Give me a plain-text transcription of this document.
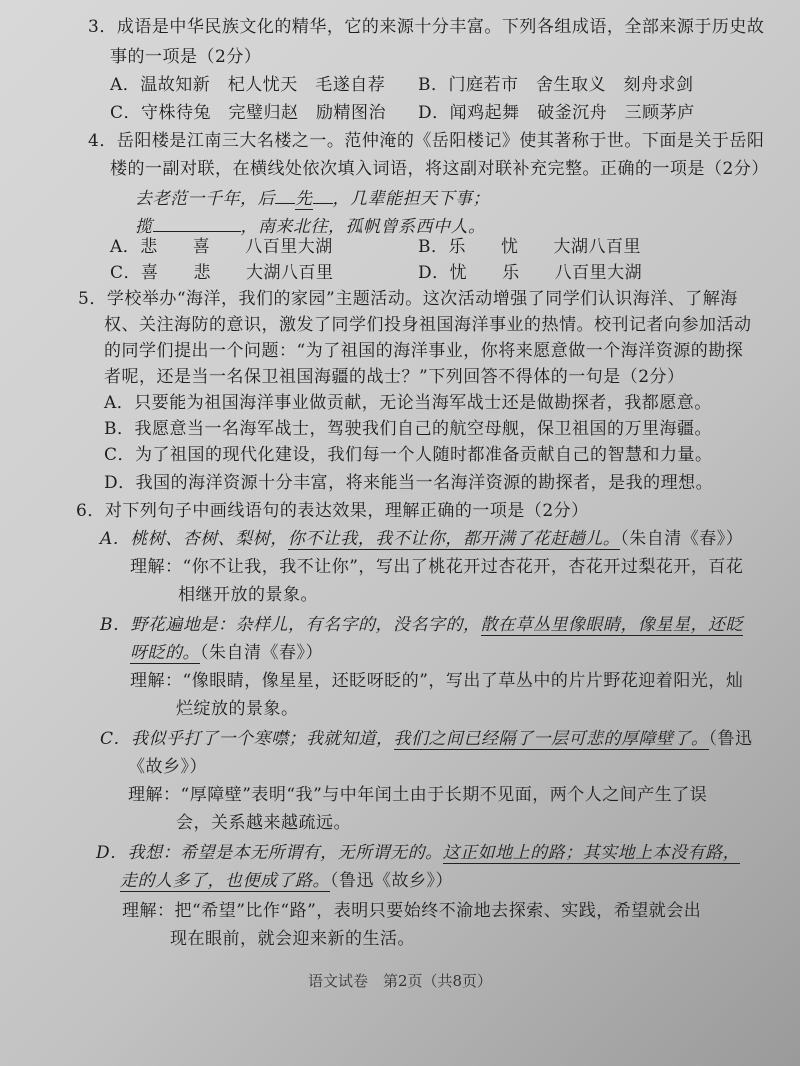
3．成语是中华民族文化的精华，它的来源十分丰富。下列各组成语，全部来源于历史故
事的一项是（2分）
A．温故知新　杞人忧天　毛遂自荐 B．门庭若市　舍生取义　刻舟求剑
C．守株待兔　完璧归赵　励精图治 D．闻鸡起舞　破釜沉舟　三顾茅庐
4．岳阳楼是江南三大名楼之一。范仲淹的《岳阳楼记》使其著称于世。下面是关于岳阳
楼的一副对联，在横线处依次填入词语，将这副对联补充完整。正确的一项是（2分）
去老范一千年，后 先 ，几辈能担天下事；
揽	，南来北往，孤帆曾系西中人。
A．悲　　喜　　八百里大湖	B．乐　　忧　　大湖八百里
C．喜　　悲　　大湖八百里	D．忧　　乐　　八百里大湖
5．学校举办“海洋，我们的家园”主题活动。这次活动增强了同学们认识海洋、了解海
权、关注海防的意识，激发了同学们投身祖国海洋事业的热情。校刊记者向参加活动
的同学们提出一个问题：“为了祖国的海洋事业，你将来愿意做一个海洋资源的勘探
者呢，还是当一名保卫祖国海疆的战士？”下列回答不得体的一句是（2分）
A．只要能为祖国海洋事业做贡献，无论当海军战士还是做勘探者，我都愿意。
B．我愿意当一名海军战士，驾驶我们自己的航空母舰，保卫祖国的万里海疆。
C．为了祖国的现代化建设，我们每一个人随时都准备贡献自己的智慧和力量。
D．我国的海洋资源十分丰富，将来能当一名海洋资源的勘探者，是我的理想。
6．对下列句子中画线语句的表达效果，理解正确的一项是（2分）
A．桃树、杏树、梨树，你不让我，我不让你，都开满了花赶趟儿。（朱自清《春》）
理解：“你不让我，我不让你”，写出了桃花开过杏花开，杏花开过梨花开，百花
相继开放的景象。
B．野花遍地是：杂样儿，有名字的，没名字的，散在草丛里像眼睛，像星星，还眨
呀眨的。（朱自清《春》）
理解：“像眼睛，像星星，还眨呀眨的”，写出了草丛中的片片野花迎着阳光，灿
烂绽放的景象。
C．我似乎打了一个寒噤；我就知道，我们之间已经隔了一层可悲的厚障壁了。（鲁迅
《故乡》）
理解：“厚障壁”表明“我”与中年闰土由于长期不见面，两个人之间产生了误
会，关系越来越疏远。
D．我想：希望是本无所谓有，无所谓无的。这正如地上的路；其实地上本没有路，
走的人多了，也便成了路。（鲁迅《故乡》）
理解：把“希望”比作“路”，表明只要始终不渝地去探索、实践，希望就会出
现在眼前，就会迎来新的生活。
语文试卷　第2页（共8页）
